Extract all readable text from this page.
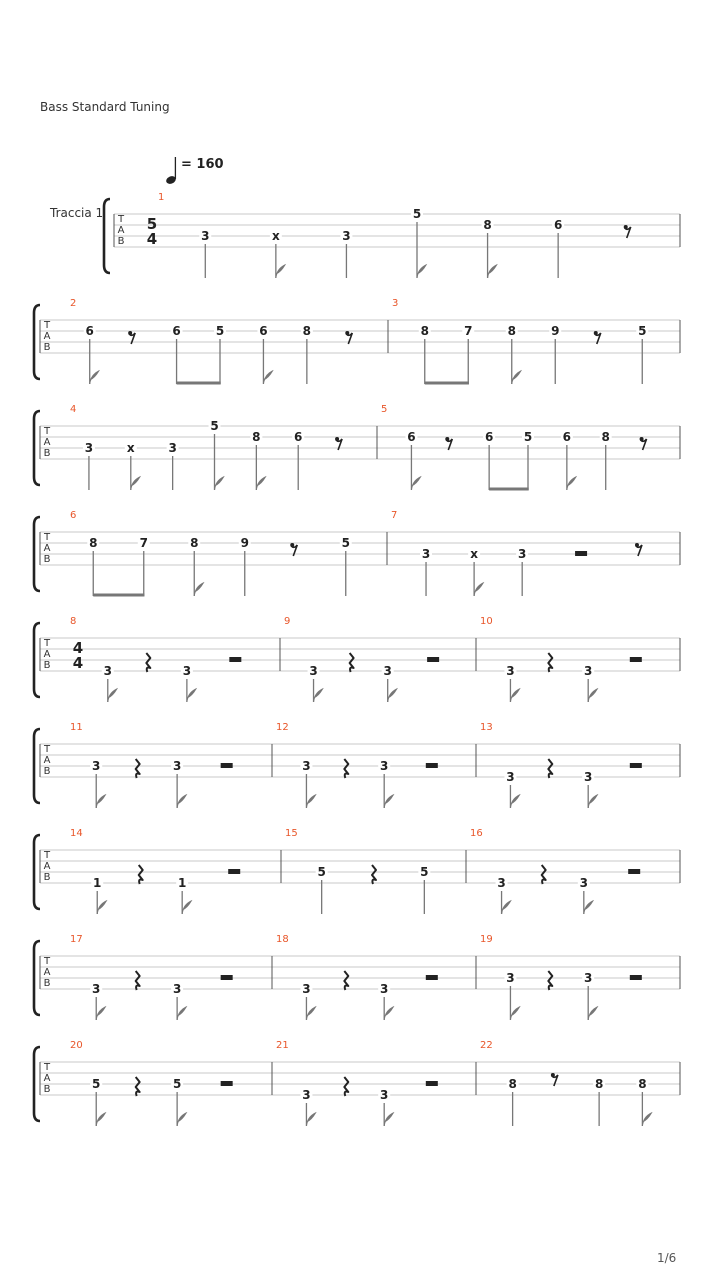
Bass Standard Tuning
= 160
Traccia 1 T
A
B
1
5
4	3	x	3
5
8	6
T
A
B
2
6	6	5	6	8
3
8	7	8	9	5
T
A
B
4
3	x	3
5
8	6
5
6	6	5	6	8
T
A
B
6
8	7	8	9	5
7
3	x	3
T
A
B
8
4
4 3	3
9
3	3
10
3	3
T
A
B
11
3	3
12
3	3
13
3	3
T
A
B
14
1	1
15
5	5
16
3	3
T
A
B
17
3	3
18
3	3
19
3	3
T
A
B
20
5	5
21
3	3
22
8	8	8
1/6
